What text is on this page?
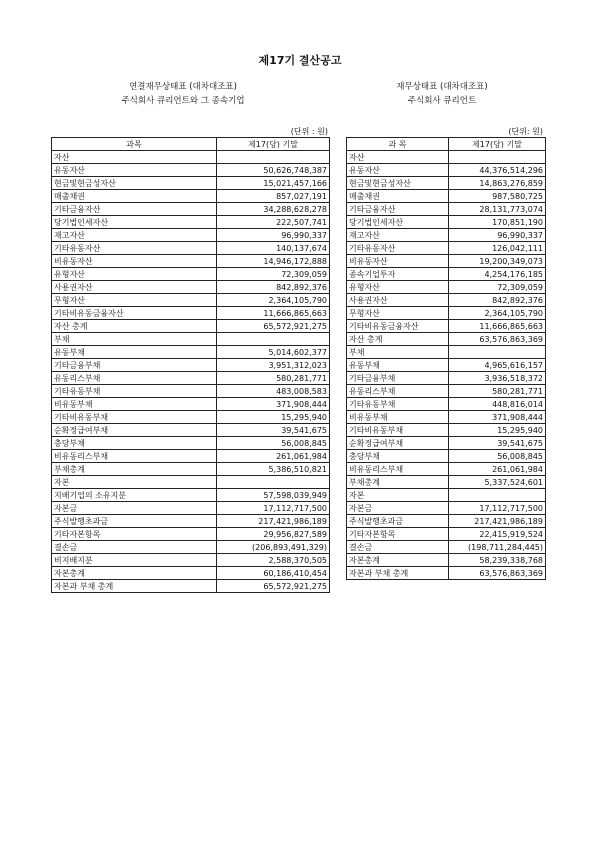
제17기 결산공고
연결재무상태표 (대차대조표)
주식회사 큐리언트와 그 종속기업
재무상태표 (대차대조표)
주식회사 큐리언트
(단위 : 원)	(단위: 원)
과목	제17(당) 기말
자산	
유동자산	50,626,748,387
현금및현금성자산	15,021,457,166
매출채권	857,027,191
기타금융자산	34,288,628,278
당기법인세자산	222,507,741
재고자산	96,990,337
기타유동자산	140,137,674
비유동자산	14,946,172,888
유형자산	72,309,059
사용권자산	842,892,376
무형자산	2,364,105,790
기타비유동금융자산	11,666,865,663
자산 총계	65,572,921,275
부채	
유동부채	5,014,602,377
기타금융부채	3,951,312,023
유동리스부채	580,281,771
기타유동부채	483,008,583
비유동부채	371,908,444
기타비유동부채	15,295,940
순확정급여부채	39,541,675
충당부채	56,008,845
비유동리스부채	261,061,984
부채총계	5,386,510,821
자본	
지배기업의 소유지분	57,598,039,949
자본금	17,112,717,500
주식발행초과금	217,421,986,189
기타자본항목	29,956,827,589
결손금	(206,893,491,329)
비지배지분	2,588,370,505
자본총계	60,186,410,454
자본과 부채 총계	65,572,921,275
과 목	제17(당) 기말
자산	
유동자산	44,376,514,296
현금및현금성자산	14,863,276,859
매출채권	987,580,725
기타금융자산	28,131,773,074
당기법인세자산	170,851,190
재고자산	96,990,337
기타유동자산	126,042,111
비유동자산	19,200,349,073
종속기업투자	4,254,176,185
유형자산	72,309,059
사용권자산	842,892,376
무형자산	2,364,105,790
기타비유동금융자산	11,666,865,663
자산 총계	63,576,863,369
부채	
유동부채	4,965,616,157
기타금융부채	3,936,518,372
유동리스부채	580,281,771
기타유동부채	448,816,014
비유동부채	371,908,444
기타비유동부채	15,295,940
순확정급여부채	39,541,675
충당부채	56,008,845
비유동리스부채	261,061,984
부채총계	5,337,524,601
자본	
자본금	17,112,717,500
주식발행초과금	217,421,986,189
기타자본항목	22,415,919,524
결손금	(198,711,284,445)
자본총계	58,239,338,768
자본과 부채 총계	63,576,863,369
